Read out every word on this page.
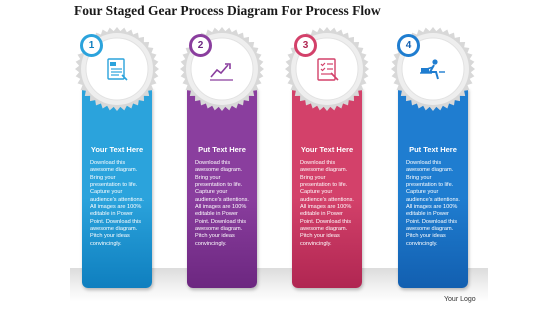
Four Staged Gear Process Diagram For Process Flow
Your Logo
Your Text Here
Download this
awesome diagram.
Bring your
presentation to life.
Capture your
audience's attentions.
All images are 100%
editable in Power
Point. Download this
awesome diagram.
Pitch your ideas
convincingly.
1
Put Text Here
Download this
awesome diagram.
Bring your
presentation to life.
Capture your
audience's attentions.
All images are 100%
editable in Power
Point. Download this
awesome diagram.
Pitch your ideas
convincingly.
2
Your Text Here
Download this
awesome diagram.
Bring your
presentation to life.
Capture your
audience's attentions.
All images are 100%
editable in Power
Point. Download this
awesome diagram.
Pitch your ideas
convincingly.
3
Put Text Here
Download this
awesome diagram.
Bring your
presentation to life.
Capture your
audience's attentions.
All images are 100%
editable in Power
Point. Download this
awesome diagram.
Pitch your ideas
convincingly.
4
